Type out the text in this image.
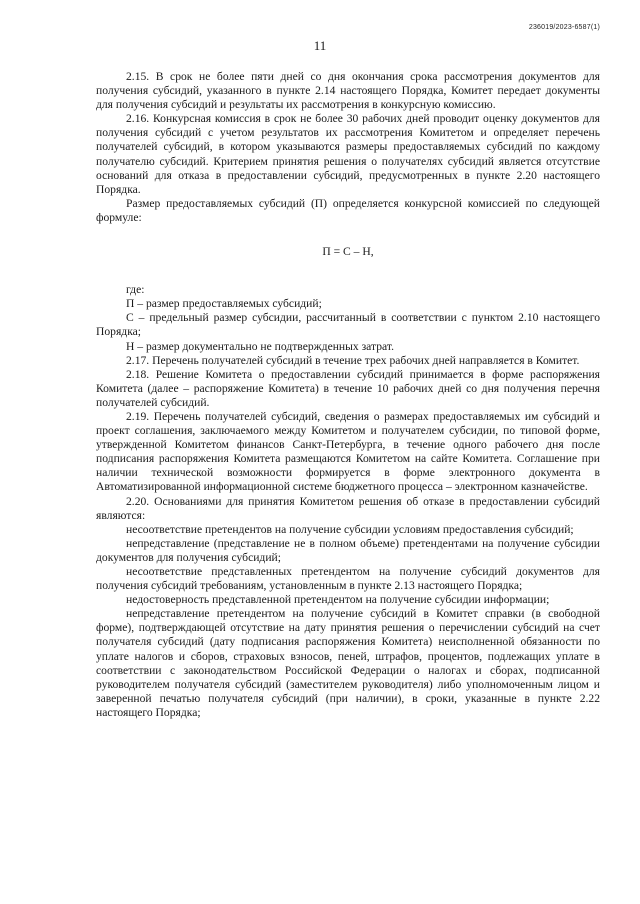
236019/2023-6587(1)
11

2.15. В срок не более пяти дней со дня окончания срока рассмотрения документов для получения субсидий, указанного в пункте 2.14 настоящего Порядка, Комитет передает документы для получения субсидий и результаты их рассмотрения в конкурсную комиссию.

2.16. Конкурсная комиссия в срок не более 30 рабочих дней проводит оценку документов для получения субсидий с учетом результатов их рассмотрения Комитетом и определяет перечень получателей субсидий, в котором указываются размеры предоставляемых субсидий по каждому получателю субсидий. Критерием принятия решения о получателях субсидий является отсутствие оснований для отказа в предоставлении субсидий, предусмотренных в пункте 2.20 настоящего Порядка.

Размер предоставляемых субсидий (П) определяется конкурсной комиссией по следующей формуле:

П = С – Н,

где:

П – размер предоставляемых субсидий;

С – предельный размер субсидии, рассчитанный в соответствии с пунктом 2.10 настоящего Порядка;

Н – размер документально не подтвержденных затрат.

2.17. Перечень получателей субсидий в течение трех рабочих дней направляется в Комитет.

2.18. Решение Комитета о предоставлении субсидий принимается в форме распоряжения Комитета (далее – распоряжение Комитета) в течение 10 рабочих дней со дня получения перечня получателей субсидий.

2.19. Перечень получателей субсидий, сведения о размерах предоставляемых им субсидий и проект соглашения, заключаемого между Комитетом и получателем субсидии, по типовой форме, утвержденной Комитетом финансов Санкт-Петербурга, в течение одного рабочего дня после подписания распоряжения Комитета размещаются Комитетом на сайте Комитета. Соглашение при наличии технической возможности формируется в форме электронного документа в Автоматизированной информационной системе бюджетного процесса – электронном казначействе.

2.20. Основаниями для принятия Комитетом решения об отказе в предоставлении субсидий являются:

несоответствие претендентов на получение субсидии условиям предоставления субсидий;

непредставление (представление не в полном объеме) претендентами на получение субсидии документов для получения субсидий;

несоответствие представленных претендентом на получение субсидий документов для получения субсидий требованиям, установленным в пункте 2.13 настоящего Порядка;

недостоверность представленной претендентом на получение субсидии информации;

непредставление претендентом на получение субсидий в Комитет справки (в свободной форме), подтверждающей отсутствие на дату принятия решения о перечислении субсидий на счет получателя субсидий (дату подписания распоряжения Комитета) неисполненной обязанности по уплате налогов и сборов, страховых взносов, пеней, штрафов, процентов, подлежащих уплате в соответствии с законодательством Российской Федерации о налогах и сборах, подписанной руководителем получателя субсидий (заместителем руководителя) либо уполномоченным лицом и заверенной печатью получателя субсидий (при наличии), в сроки, указанные в пункте 2.22 настоящего Порядка;
